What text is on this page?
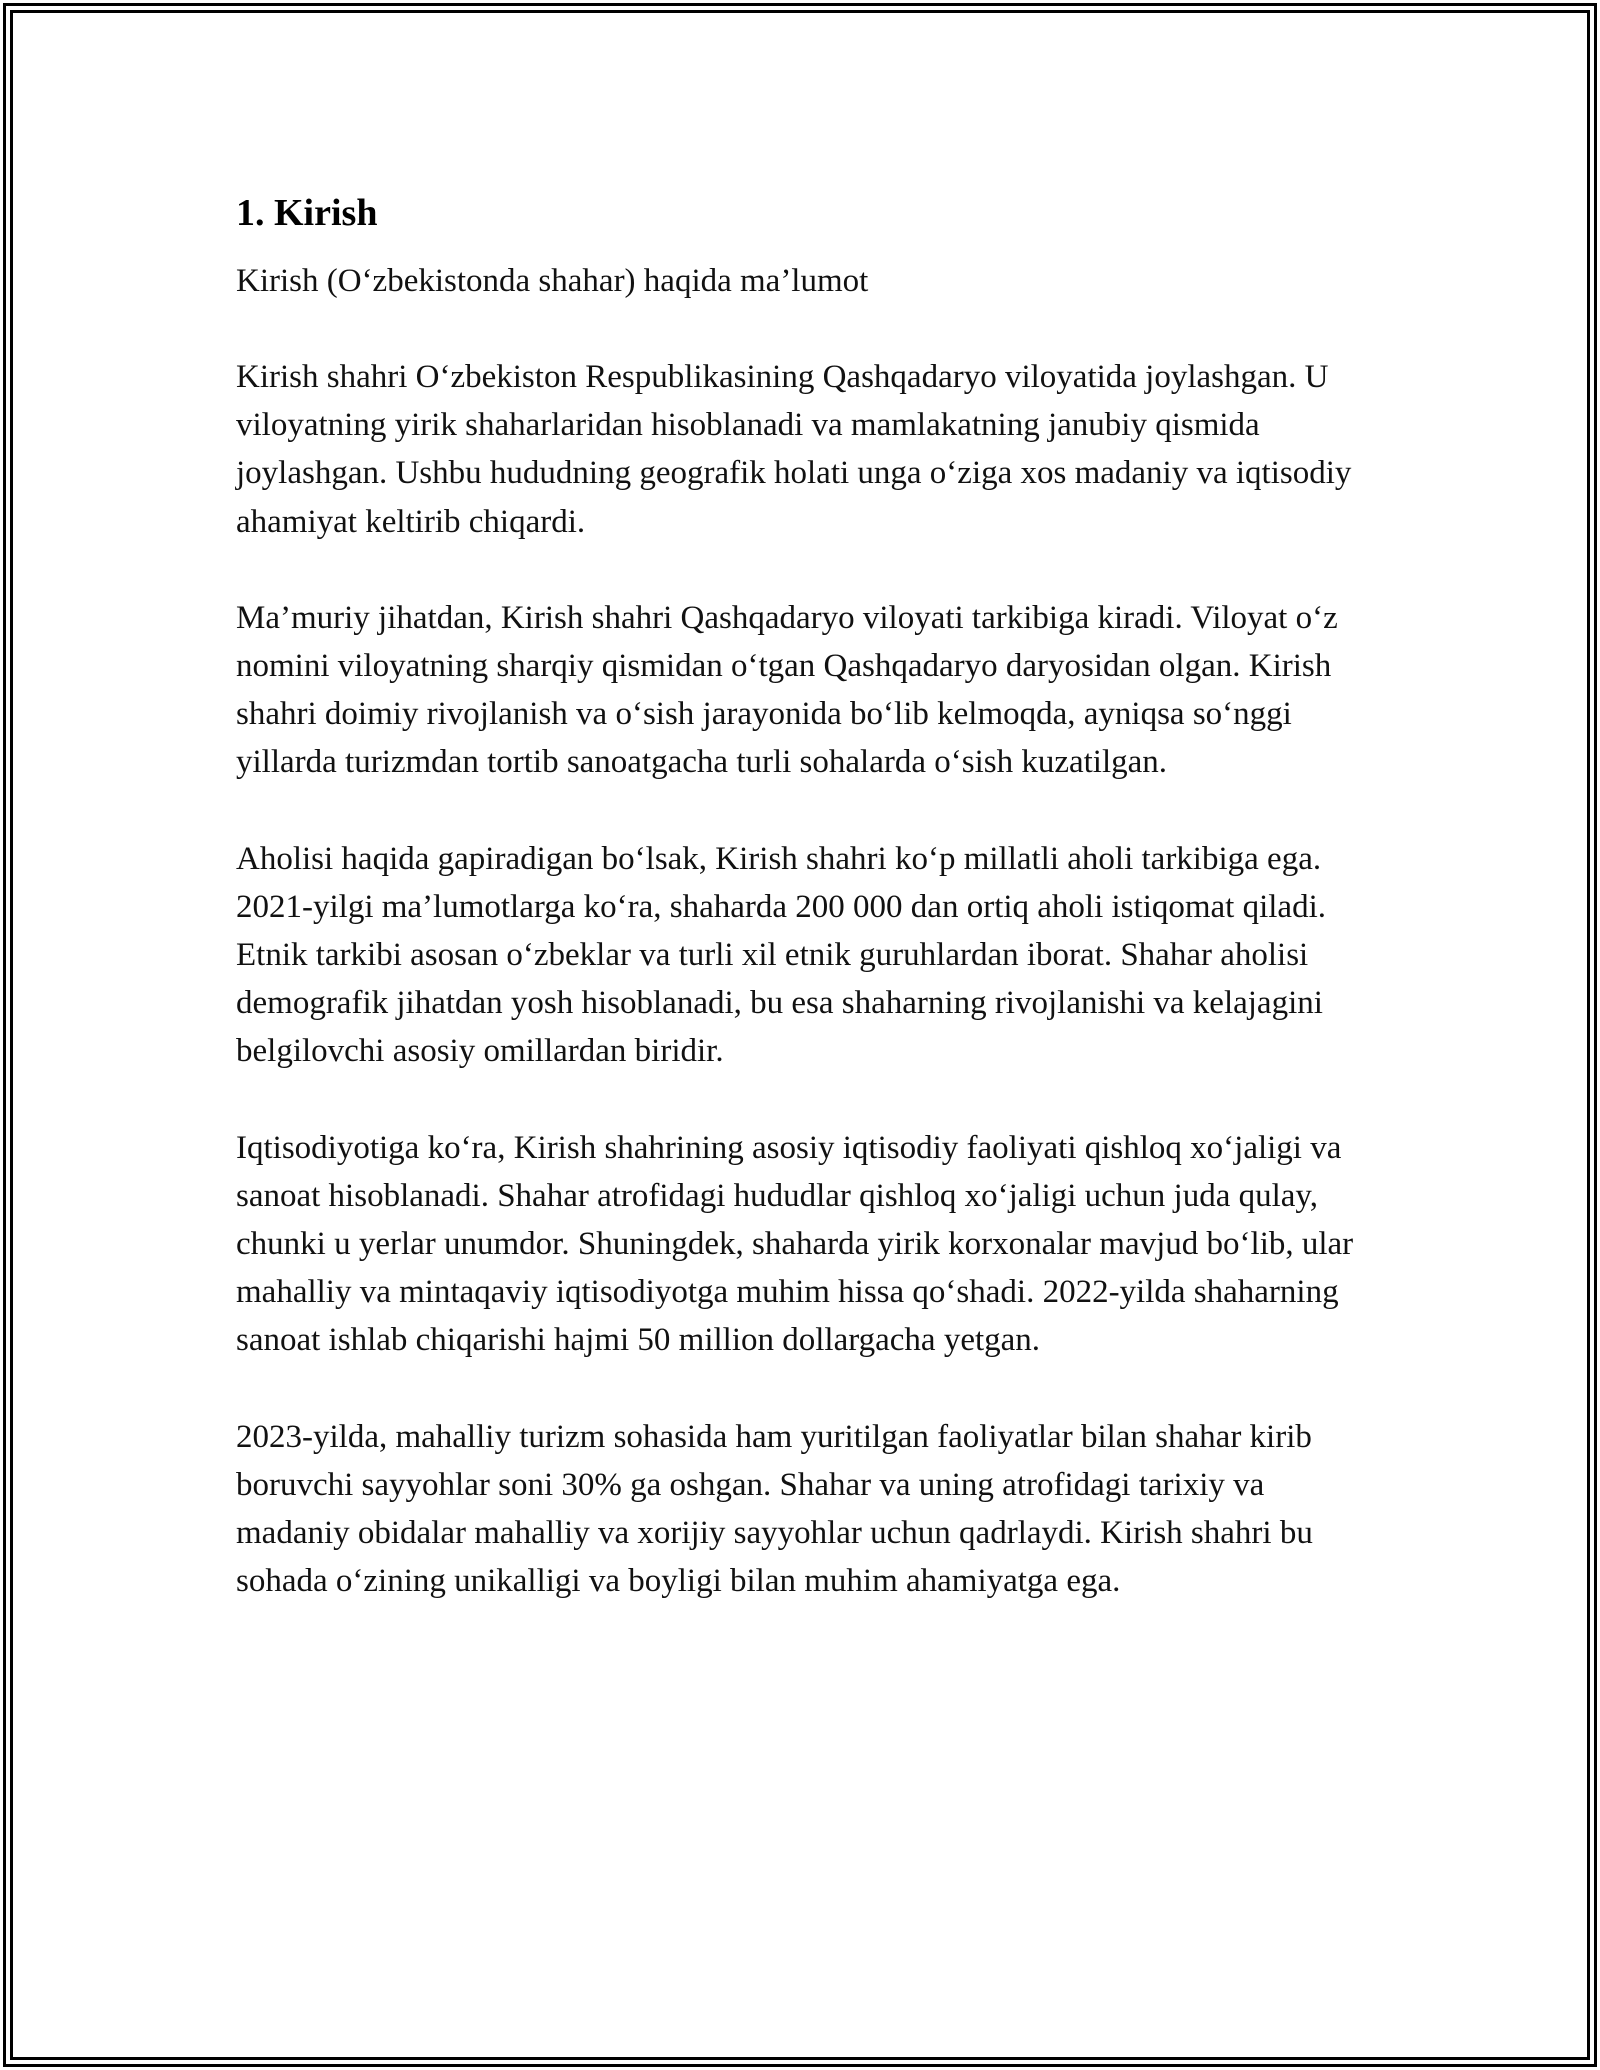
1. Kirish

Kirish (O‘zbekistonda shahar) haqida ma’lumot

Kirish shahri O‘zbekiston Respublikasining Qashqadaryo viloyatida joylashgan. U viloyatning yirik shaharlaridan hisoblanadi va mamlakatning janubiy qismida joylashgan. Ushbu hududning geografik holati unga o‘ziga xos madaniy va iqtisodiy ahamiyat keltirib chiqardi.

Ma’muriy jihatdan, Kirish shahri Qashqadaryo viloyati tarkibiga kiradi. Viloyat o‘z nomini viloyatning sharqiy qismidan o‘tgan Qashqadaryo daryosidan olgan. Kirish shahri doimiy rivojlanish va o‘sish jarayonida bo‘lib kelmoqda, ayniqsa so‘nggi yillarda turizmdan tortib sanoatgacha turli sohalarda o‘sish kuzatilgan.

Aholisi haqida gapiradigan bo‘lsak, Kirish shahri ko‘p millatli aholi tarkibiga ega. 2021-yilgi ma’lumotlarga ko‘ra, shaharda 200 000 dan ortiq aholi istiqomat qiladi. Etnik tarkibi asosan o‘zbeklar va turli xil etnik guruhlardan iborat. Shahar aholisi demografik jihatdan yosh hisoblanadi, bu esa shaharning rivojlanishi va kelajagini belgilovchi asosiy omillardan biridir.

Iqtisodiyotiga ko‘ra, Kirish shahrining asosiy iqtisodiy faoliyati qishloq xo‘jaligi va sanoat hisoblanadi. Shahar atrofidagi hududlar qishloq xo‘jaligi uchun juda qulay, chunki u yerlar unumdor. Shuningdek, shaharda yirik korxonalar mavjud bo‘lib, ular mahalliy va mintaqaviy iqtisodiyotga muhim hissa qo‘shadi. 2022-yilda shaharning sanoat ishlab chiqarishi hajmi 50 million dollargacha yetgan.

2023-yilda, mahalliy turizm sohasida ham yuritilgan faoliyatlar bilan shahar kirib boruvchi sayyohlar soni 30% ga oshgan. Shahar va uning atrofidagi tarixiy va madaniy obidalar mahalliy va xorijiy sayyohlar uchun qadrlaydi. Kirish shahri bu sohada o‘zining unikalligi va boyligi bilan muhim ahamiyatga ega.
